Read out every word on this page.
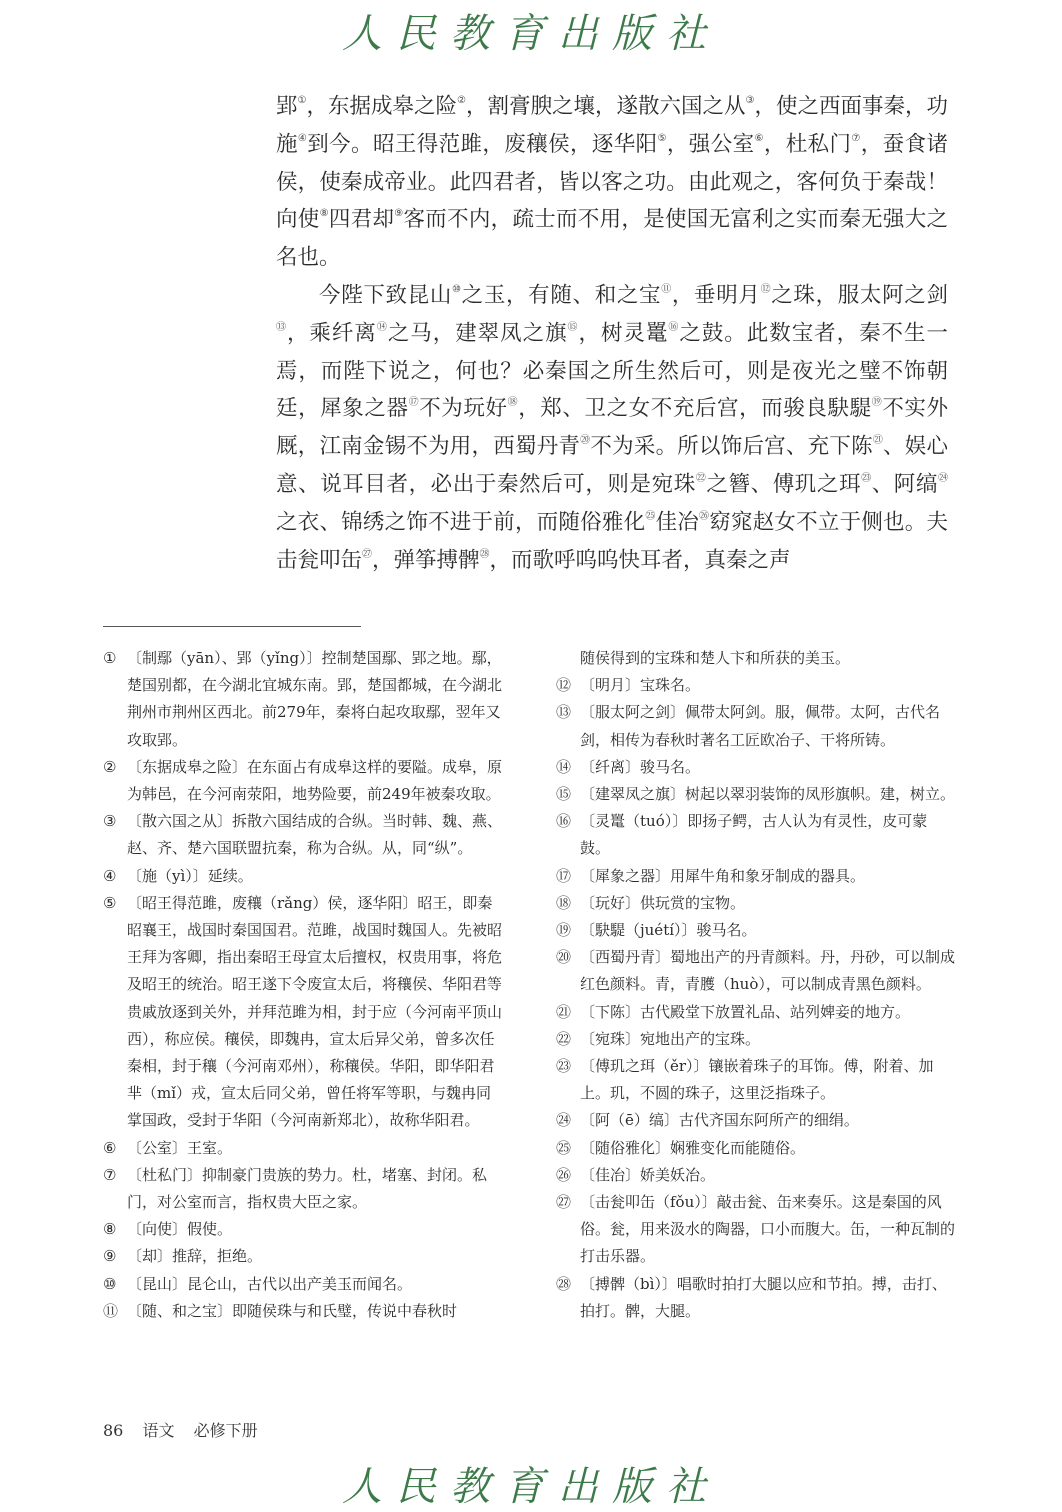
人民教育出版社

郢①，东据成皋之险②，割膏腴之壤，遂散六国之从③，使之西面事秦，功施④到今。昭王得范雎，废穰侯，逐华阳⑤，强公室⑥，杜私门⑦，蚕食诸侯，使秦成帝业。此四君者，皆以客之功。由此观之，客何负于秦哉！向使⑧四君却⑨客而不内，疏士而不用，是使国无富利之实而秦无强大之名也。

今陛下致昆山⑩之玉，有随、和之宝⑪，垂明月⑫之珠，服太阿之剑⑬，乘纤离⑭之马，建翠凤之旗⑮，树灵鼍⑯之鼓。此数宝者，秦不生一焉，而陛下说之，何也？必秦国之所生然后可，则是夜光之璧不饰朝廷，犀象之器⑰不为玩好⑱，郑、卫之女不充后宫，而骏良駃騠⑲不实外厩，江南金锡不为用，西蜀丹青⑳不为采。所以饰后宫、充下陈$^㉑$、娱心意、说耳目者，必出于秦然后可，则是宛珠$^㉒$之簪、傅玑之珥$^㉓$、阿缟$^㉔$之衣、锦绣之饰不进于前，而随俗雅化$^㉕$佳冶$^㉖$窈窕赵女不立于侧也。夫击瓮叩缶$^㉗$，弹筝搏髀$^㉘$，而歌呼呜呜快耳者，真秦之声

① 〔制鄢（yān）、郢（yǐng）〕控制楚国鄢、郢之地。鄢，楚国别都，在今湖北宜城东南。郢，楚国都城，在今湖北荆州市荆州区西北。前279年，秦将白起攻取鄢，翌年又攻取郢。
② 〔东据成皋之险〕在东面占有成皋这样的要隘。成皋，原为韩邑，在今河南荥阳，地势险要，前249年被秦攻取。
③ 〔散六国之从〕拆散六国结成的合纵。当时韩、魏、燕、赵、齐、楚六国联盟抗秦，称为合纵。从，同“纵”。
④ 〔施（yì）〕延续。
⑤ 〔昭王得范雎，废穰（rǎng）侯，逐华阳〕昭王，即秦昭襄王，战国时秦国国君。范雎，战国时魏国人。先被昭王拜为客卿，指出秦昭王母宣太后擅权，权贵用事，将危及昭王的统治。昭王遂下令废宣太后，将穰侯、华阳君等贵戚放逐到关外，并拜范雎为相，封于应（今河南平顶山西），称应侯。穰侯，即魏冉，宣太后异父弟，曾多次任秦相，封于穰（今河南邓州），称穰侯。华阳，即华阳君芈（mǐ）戎，宣太后同父弟，曾任将军等职，与魏冉同掌国政，受封于华阳（今河南新郑北），故称华阳君。
⑥ 〔公室〕王室。
⑦ 〔杜私门〕抑制豪门贵族的势力。杜，堵塞、封闭。私门，对公室而言，指权贵大臣之家。
⑧ 〔向使〕假使。
⑨ 〔却〕推辞，拒绝。
⑩ 〔昆山〕昆仑山，古代以出产美玉而闻名。
⑪ 〔随、和之宝〕即随侯珠与和氏璧，传说中春秋时
随侯得到的宝珠和楚人卞和所获的美玉。
⑫ 〔明月〕宝珠名。
⑬ 〔服太阿之剑〕佩带太阿剑。服，佩带。太阿，古代名剑，相传为春秋时著名工匠欧冶子、干将所铸。
⑭ 〔纤离〕骏马名。
⑮ 〔建翠凤之旗〕树起以翠羽装饰的凤形旗帜。建，树立。
⑯ 〔灵鼍（tuó）〕即扬子鳄，古人认为有灵性，皮可蒙鼓。
⑰ 〔犀象之器〕用犀牛角和象牙制成的器具。
⑱ 〔玩好〕供玩赏的宝物。
⑲ 〔駃騠（juétí）〕骏马名。
⑳ 〔西蜀丹青〕蜀地出产的丹青颜料。丹，丹砂，可以制成红色颜料。青，青臒（huò），可以制成青黑色颜料。
㉑ 〔下陈〕古代殿堂下放置礼品、站列婢妾的地方。
㉒ 〔宛珠〕宛地出产的宝珠。
㉓ 〔傅玑之珥（ěr）〕镶嵌着珠子的耳饰。傅，附着、加上。玑，不圆的珠子，这里泛指珠子。
㉔ 〔阿（ē）缟〕古代齐国东阿所产的细绢。
㉕ 〔随俗雅化〕娴雅变化而能随俗。
㉖ 〔佳冶〕娇美妖冶。
㉗ 〔击瓮叩缶（fǒu）〕敲击瓮、缶来奏乐。这是秦国的风俗。瓮，用来汲水的陶器，口小而腹大。缶，一种瓦制的打击乐器。
㉘ 〔搏髀（bì）〕唱歌时拍打大腿以应和节拍。搏，击打、拍打。髀，大腿。
86 语文 必修下册
人民教育出版社
